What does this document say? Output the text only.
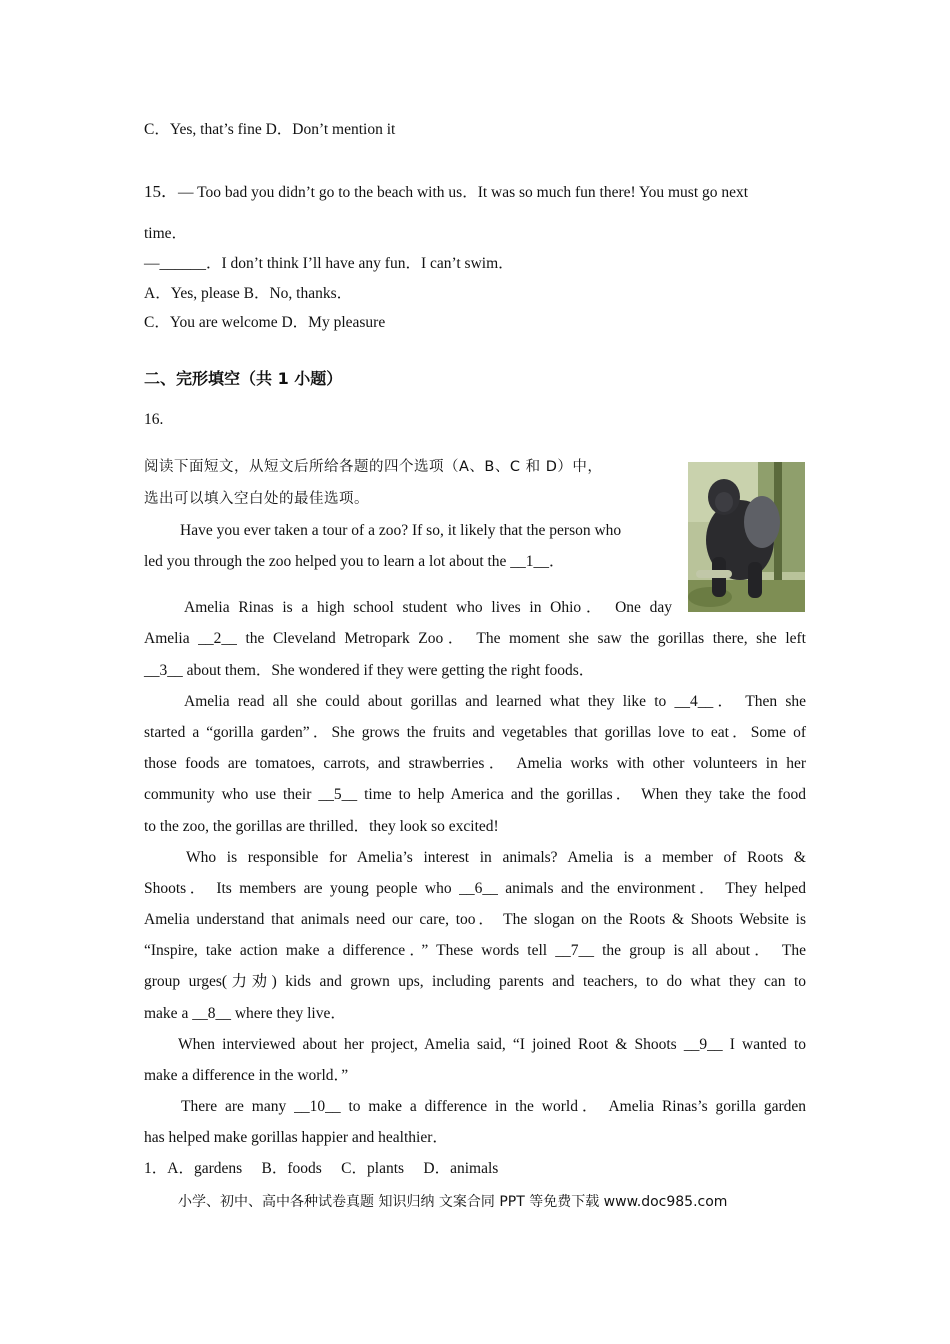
C．Yes, that’s fine D．Don’t mention it
15．— Too bad you didn’t go to the beach with us．It was so much fun there! You must go next
time．
—______．I don’t think I’ll have any fun．I can’t swim．
A．Yes, please B．No, thanks．
C．You are welcome D．My pleasure
二、完形填空（共 1 小题）
16.
阅读下面短文，从短文后所给各题的四个选项（A、B、C 和 D）中，
选出可以填入空白处的最佳选项。
Have you ever taken a tour of a zoo? If so, it likely that the person who
led you through the zoo helped you to learn a lot about the __1__．
Amelia Rinas is a high school student who lives in Ohio． One day
Amelia __2__ the Cleveland Metropark Zoo． The moment she saw the gorillas there, she left
__3__ about them．She wondered if they were getting the right foods．
Amelia read all she could about gorillas and learned what they like to __4__． Then she
started a “gorilla garden”．She grows the fruits and vegetables that gorillas love to eat．Some of
those foods are tomatoes, carrots, and strawberries． Amelia works with other volunteers in her
community who use their __5__ time to help America and the gorillas． When they take the food
to the zoo, the gorillas are thrilled．they look so excited!
Who is responsible for Amelia’s interest in animals? Amelia is a member of Roots &
Shoots． Its members are young people who __6__ animals and the environment． They helped
Amelia understand that animals need our care, too． The slogan on the Roots & Shoots Website is
“Inspire, take action make a difference．” These words tell __7__ the group is all about． The
group urges(力劝) kids and grown ups, including parents and teachers, to do what they can to
make a __8__ where they live．
When interviewed about her project, Amelia said, “I joined Root & Shoots __9__ I wanted to
make a difference in the world．”
There are many __10__ to make a difference in the world． Amelia Rinas’s gorilla garden
has helped make gorillas happier and healthier．
1．A．gardens　 B．foods　 C．plants　 D．animals
小学、初中、高中各种试卷真题 知识归纳 文案合同 PPT 等免费下载 www.doc985.com
